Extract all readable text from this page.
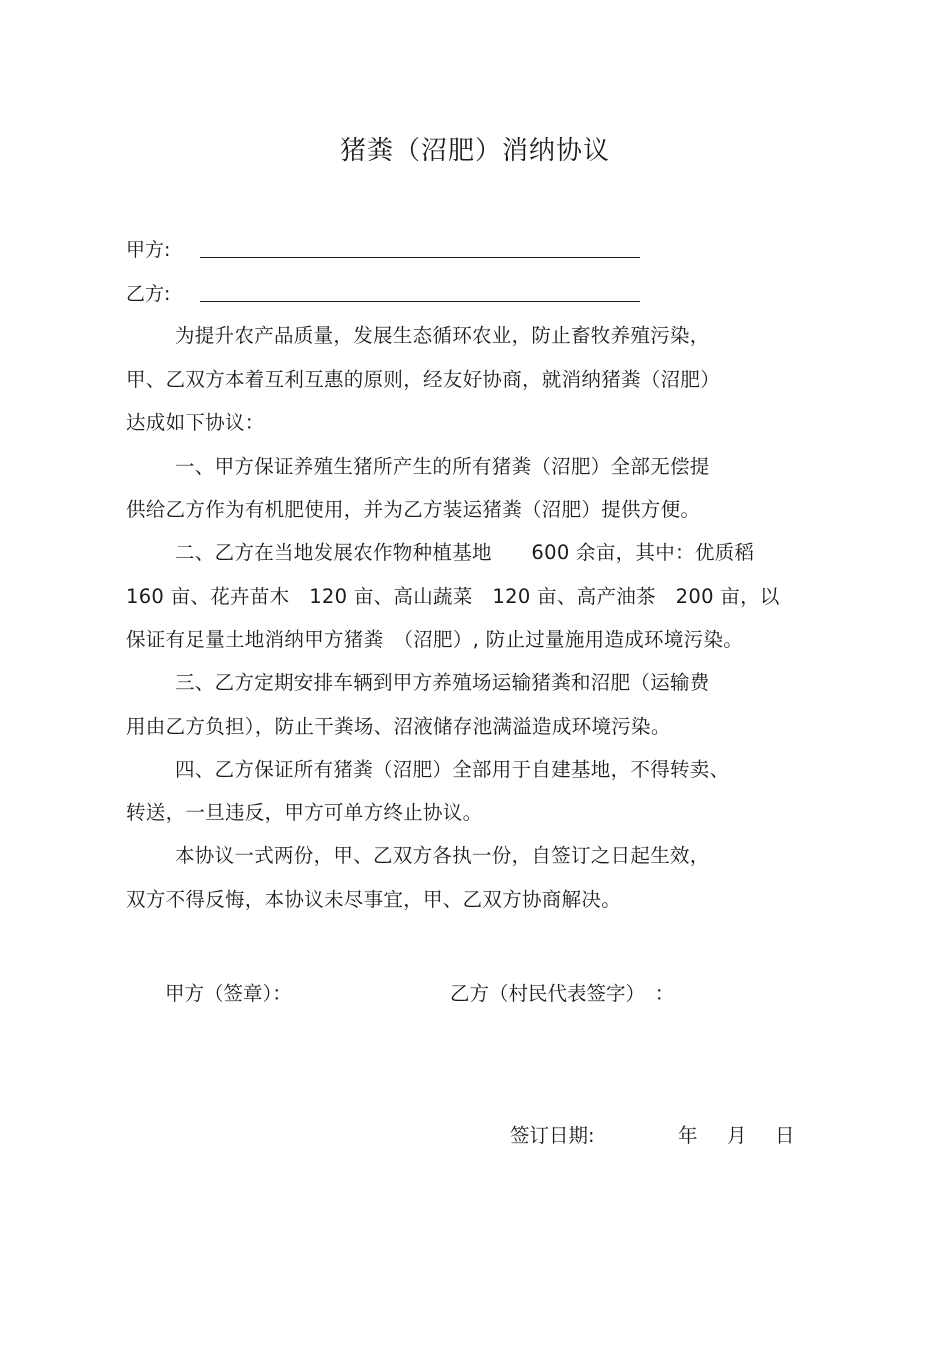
猪粪（沼肥）消纳协议
甲方:
乙方:
为提升农产品质量，发展生态循环农业，防止畜牧养殖污染，
甲、乙双方本着互利互惠的原则，经友好协商，就消纳猪粪（沼肥）
达成如下协议：
一、甲方保证养殖生猪所产生的所有猪粪（沼肥）全部无偿提
供给乙方作为有机肥使用，并为乙方装运猪粪（沼肥）提供方便。
二、乙方在当地发展农作物种植基地　　600 余亩，其中：优质稻
160 亩、花卉苗木　120 亩、高山蔬菜　120 亩、高产油茶　200 亩，以
保证有足量土地消纳甲方猪粪　（沼肥）, 防止过量施用造成环境污染。
三、乙方定期安排车辆到甲方养殖场运输猪粪和沼肥（运输费
用由乙方负担），防止干粪场、沼液储存池满溢造成环境污染。
四、乙方保证所有猪粪（沼肥）全部用于自建基地，不得转卖、
转送，一旦违反，甲方可单方终止协议。
本协议一式两份，甲、乙双方各执一份，自签订之日起生效，
双方不得反悔，本协议未尽事宜，甲、乙双方协商解决。
甲方（签章）：	乙方（村民代表签字）　：
签订日期:	年 月 日
